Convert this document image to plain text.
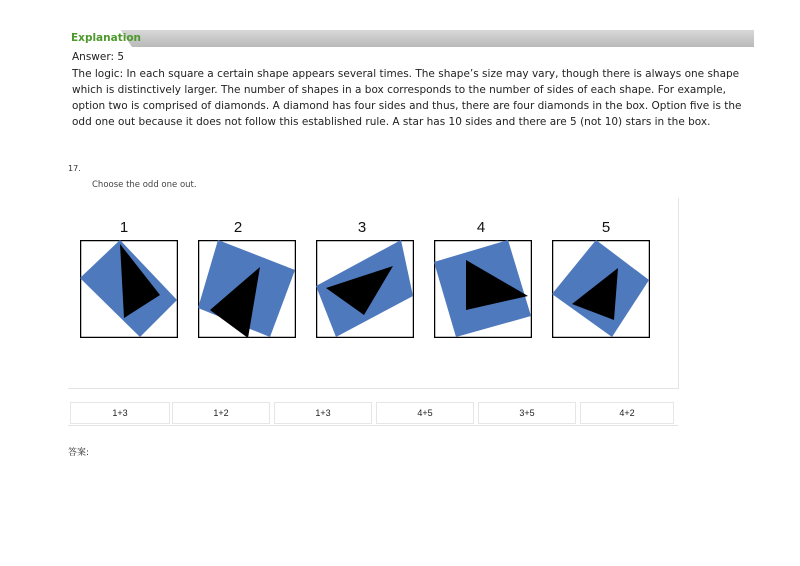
Explanation
Answer: 5

The logic: In each square a certain shape appears several times. The shape’s size may vary, though there is always one shape which is distinctively larger. The number of shapes in a box corresponds to the number of sides of each shape. For example, option two is comprised of diamonds. A diamond has four sides and thus, there are four diamonds in the box. Option five is the odd one out because it does not follow this established rule. A star has 10 sides and there are 5 (not 10) stars in the box.

17.
Choose the odd one out.
1	2	3	4	5
1+3	1+2	1+3	4+5	3+5	4+2
答案:
